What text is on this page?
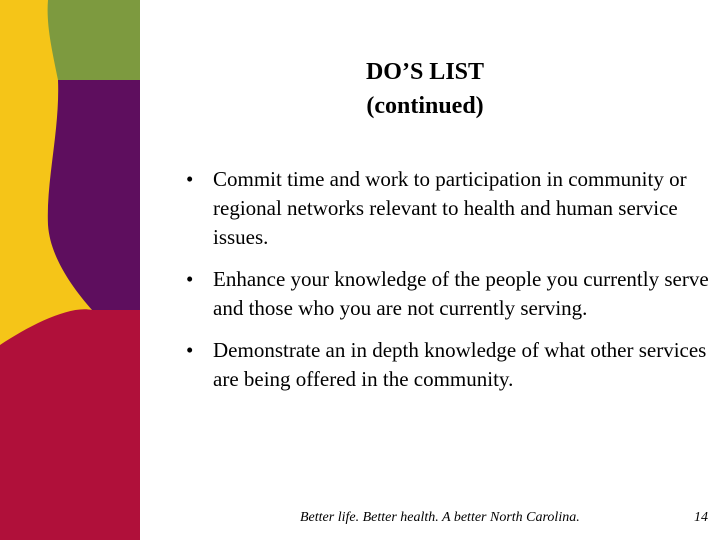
DO’S LIST
(continued)
• Commit time and work to participation in community or regional networks relevant to health and human service issues.
• Enhance your knowledge of the people you currently serve and those who you are not currently serving.
• Demonstrate an in depth knowledge of what other services are being offered in the community.
Better life. Better health. A better North Carolina.	14
